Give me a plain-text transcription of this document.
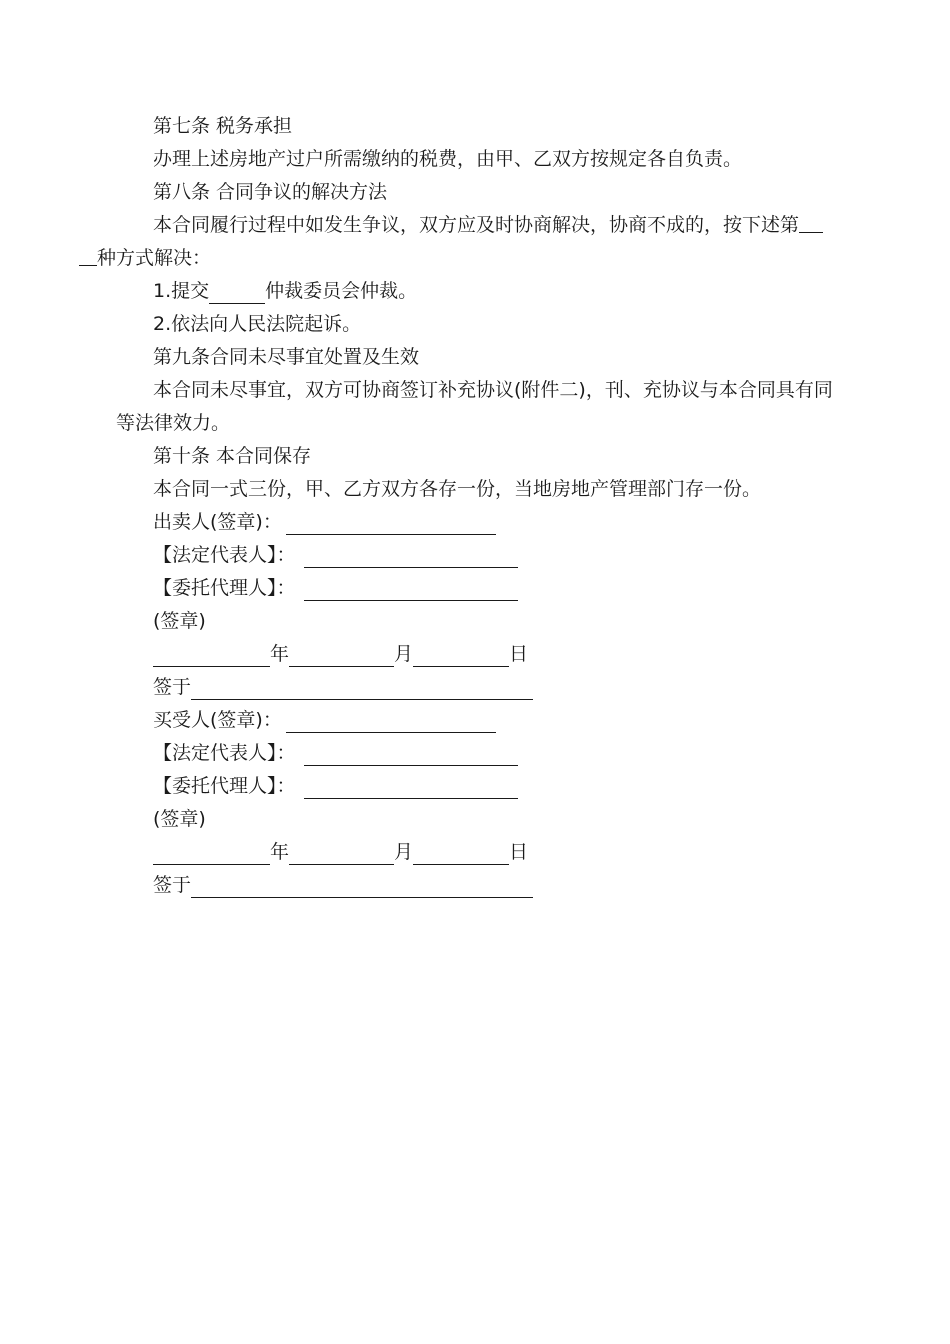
第七条 税务承担

办理上述房地产过户所需缴纳的税费，由甲、乙双方按规定各自负责。

第八条 合同争议的解决方法

本合同履行过程中如发生争议，双方应及时协商解决，协商不成的，按下述第
种方式解决：

1.提交	仲裁委员会仲裁。

2.依法向人民法院起诉。

第九条合同未尽事宜处置及生效

本合同未尽事宜，双方可协商签订补充协议(附件二)，刊、充协议与本合同具有同等法律效力。

第十条 本合同保存

本合同一式三份，甲、乙方双方各存一份，当地房地产管理部门存一份。

出卖人(签章)：
【法定代表人】：
【委托代理人】：

(签章)

年	月	日
签于
买受人(签章)：
【法定代表人】：
【委托代理人】：

(签章)

年	月	日
签于
